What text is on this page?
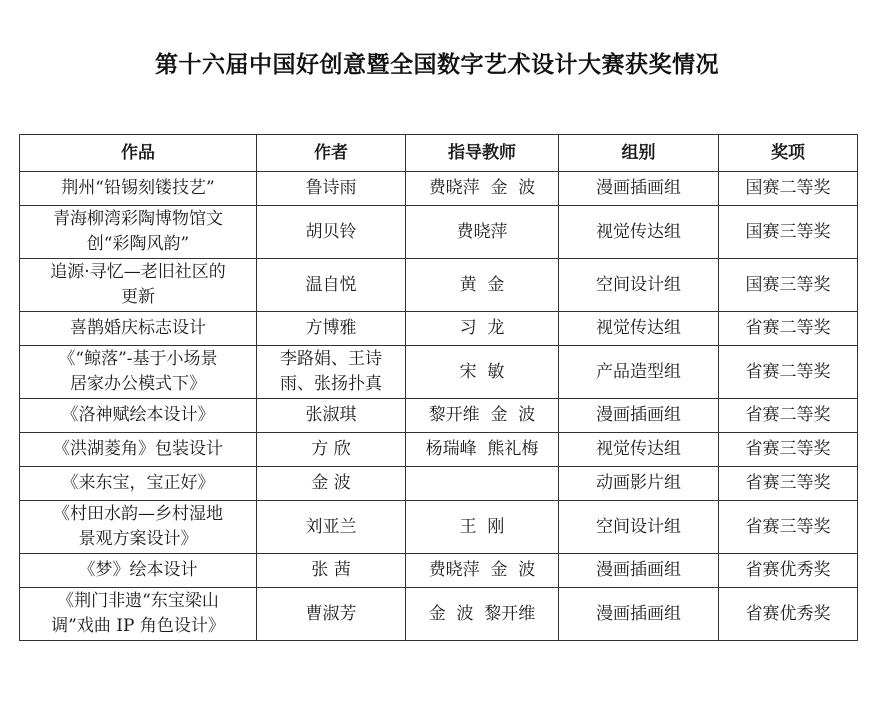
第十六届中国好创意暨全国数字艺术设计大赛获奖情况
作品	作者	指导教师	组别	奖项

荆州“铅锡刻镂技艺”	鲁诗雨	费晓萍  金  波	漫画插画组	国赛二等奖

青海柳湾彩陶博物馆文
创“彩陶风韵”	胡贝铃	费晓萍	视觉传达组	国赛三等奖

追源·寻忆—老旧社区的
更新	温自悦	黄  金	空间设计组	国赛三等奖

喜鹊婚庆标志设计	方博雅	习  龙	视觉传达组	省赛二等奖

《“鲸落”-基于小场景
居家办公模式下》	李路娟、王诗
雨、张扬扑真	宋  敏	产品造型组	省赛二等奖

《洛神赋绘本设计》	张淑琪	黎开维  金  波	漫画插画组	省赛二等奖

《洪湖菱角》包装设计	方 欣	杨瑞峰  熊礼梅	视觉传达组	省赛三等奖

《来东宝，宝正好》	金 波		动画影片组	省赛三等奖

《村田水韵—乡村湿地
景观方案设计》	刘亚兰	王  刚	空间设计组	省赛三等奖

《梦》绘本设计	张 茜	费晓萍  金  波	漫画插画组	省赛优秀奖

《荆门非遗“东宝梁山
调”戏曲 IP 角色设计》	曹淑芳	金  波  黎开维	漫画插画组	省赛优秀奖
